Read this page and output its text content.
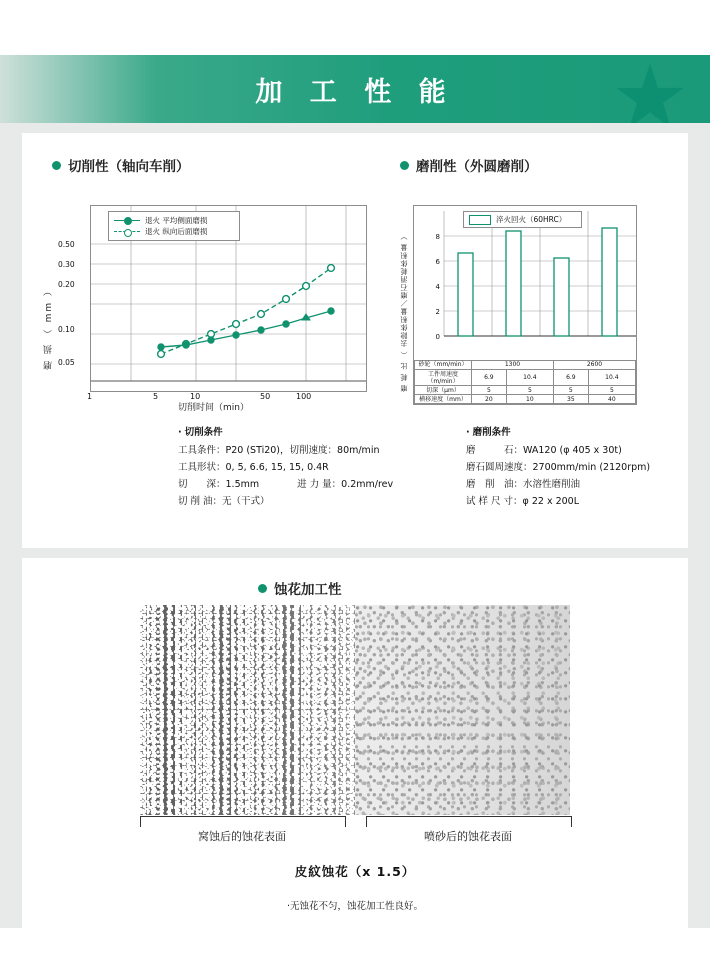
加 工 性 能
切削性（轴向车削）	磨削性（外圆磨削）
磨 损 （ mm ）
切削时间（min）
0.50
0.30
0.20
0.10
0.05
1	5	10	50	100
退火 平均侧面磨损
退火 纵向后面磨损
磨 耗 比 （ 去除体积量／磨石消耗体积量 ）	0
2
4
6
8
淬火回火（60HRC）
砂轮（mm/min）	1300		2600	
工件周速度（m/min）	6.9	10.4	6.9	10.4
切深（μm）	5	5	5	5
横移速度（mm）	20	10	35	40
· 切削条件
工具条件：P20 (STi20)，切削速度：80m/min
工具形状：0, 5, 6.6, 15, 15, 0.4R
切　　深：1.5mm　　　　进 力 量：0.2mm/rev
切 削 油：无（干式）
· 磨削条件
磨　　　石：WA120 (φ 405 x 30t)
磨石圆周速度：2700mm/min (2120rpm)
磨　削　油：水溶性磨削油
试 样 尺 寸：φ 22 x 200L
蚀花加工性
窝蚀后的蚀花表面	喷砂后的蚀花表面
皮紋蚀花（x 1.5）
·无蚀花不匀，蚀花加工性良好。
